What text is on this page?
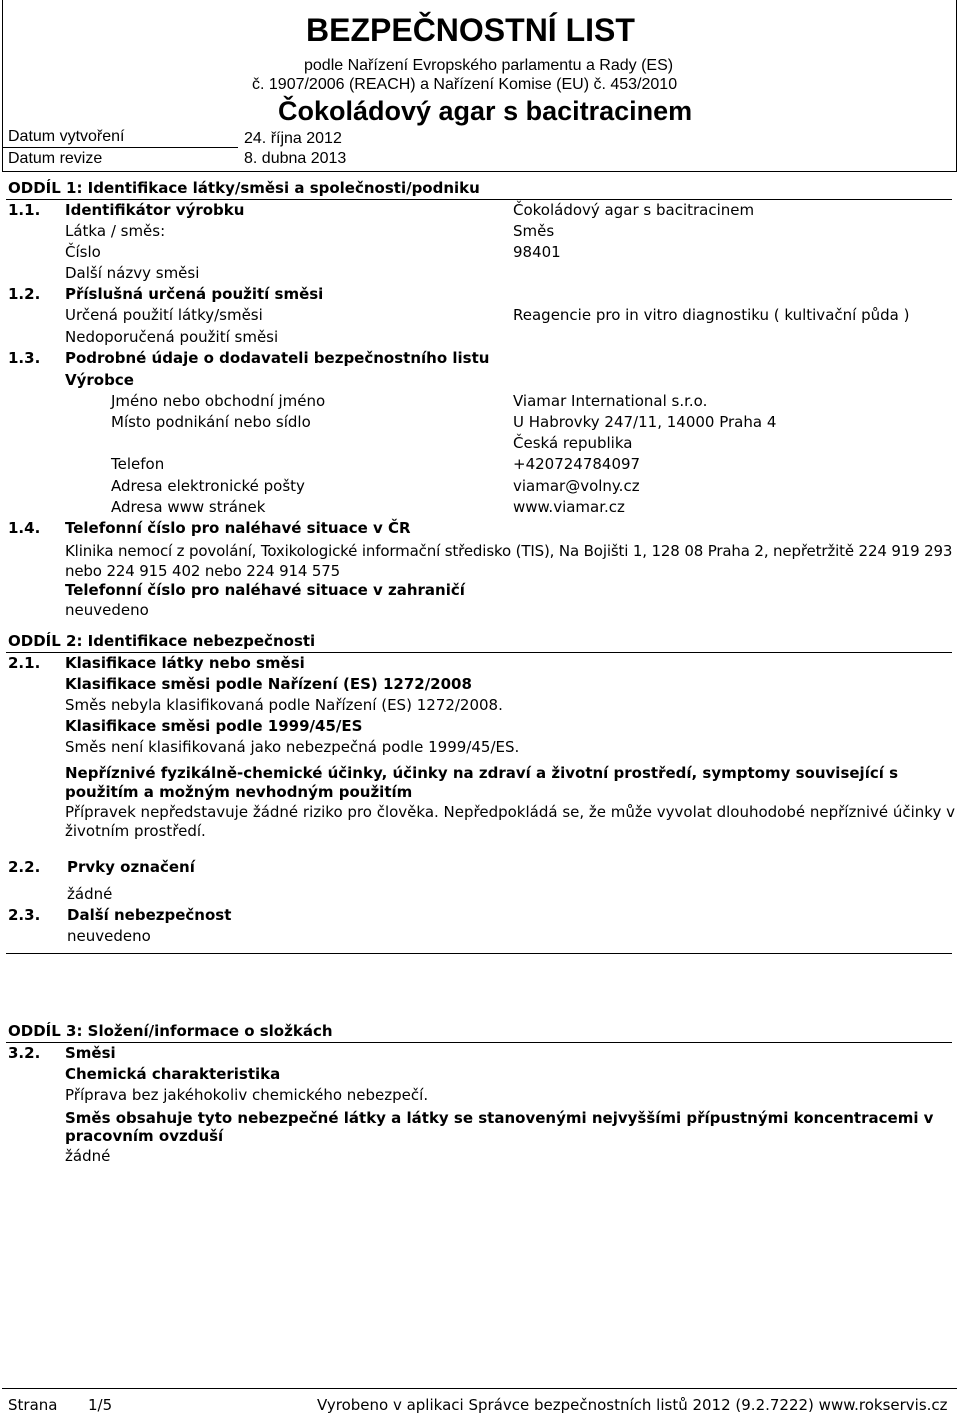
BEZPEČNOSTNÍ LIST
podle Nařízení Evropského parlamentu a Rady (ES)
č. 1907/2006 (REACH) a Nařízení Komise (EU) č. 453/2010
Čokoládový agar s bacitracinem
Datum vytvoření	24. října 2012
Datum revize	8. dubna 2013
ODDÍL 1: Identifikace látky/směsi a společnosti/podniku
1.1. Identifikátor výrobku	Čokoládový agar s bacitracinem
Látka / směs:	Směs
Číslo	98401
Další názvy směsi
1.2. Příslušná určená použití směsi
Určená použití látky/směsi	Reagencie pro in vitro diagnostiku ( kultivační půda )
Nedoporučená použití směsi
1.3. Podrobné údaje o dodavateli bezpečnostního listu
Výrobce
Jméno nebo obchodní jméno	Viamar International s.r.o.
Místo podnikání nebo sídlo	U Habrovky 247/11, 14000 Praha 4
Česká republika
Telefon	+420724784097
Adresa elektronické pošty	viamar@volny.cz
Adresa www stránek	www.viamar.cz
1.4. Telefonní číslo pro naléhavé situace v ČR
Klinika nemocí z povolání, Toxikologické informační středisko (TIS), Na Bojišti 1, 128 08 Praha 2, nepřetržitě 224 919 293 nebo 224 915 402 nebo 224 914 575
Telefonní číslo pro naléhavé situace v zahraničí
neuvedeno
ODDÍL 2: Identifikace nebezpečnosti
2.1. Klasifikace látky nebo směsi
Klasifikace směsi podle Nařízení (ES) 1272/2008
Směs nebyla klasifikovaná podle Nařízení (ES) 1272/2008.
Klasifikace směsi podle 1999/45/ES
Směs není klasifikovaná jako nebezpečná podle 1999/45/ES.
Nepříznivé fyzikálně-chemické účinky, účinky na zdraví a životní prostředí, symptomy související s použitím a možným nevhodným použitím
Přípravek nepředstavuje žádné riziko pro člověka. Nepředpokládá se, že může vyvolat dlouhodobé nepříznivé účinky v životním prostředí.
2.2. Prvky označení
žádné
2.3. Další nebezpečnost
neuvedeno
ODDÍL 3: Složení/informace o složkách
3.2. Směsi
Chemická charakteristika
Příprava bez jakéhokoliv chemického nebezpečí.
Směs obsahuje tyto nebezpečné látky a látky se stanovenými nejvyššími přípustnými koncentracemi v pracovním ovzduší
žádné
Strana 1/5	Vyrobeno v aplikaci Správce bezpečnostních listů 2012 (9.2.7222) www.rokservis.cz
